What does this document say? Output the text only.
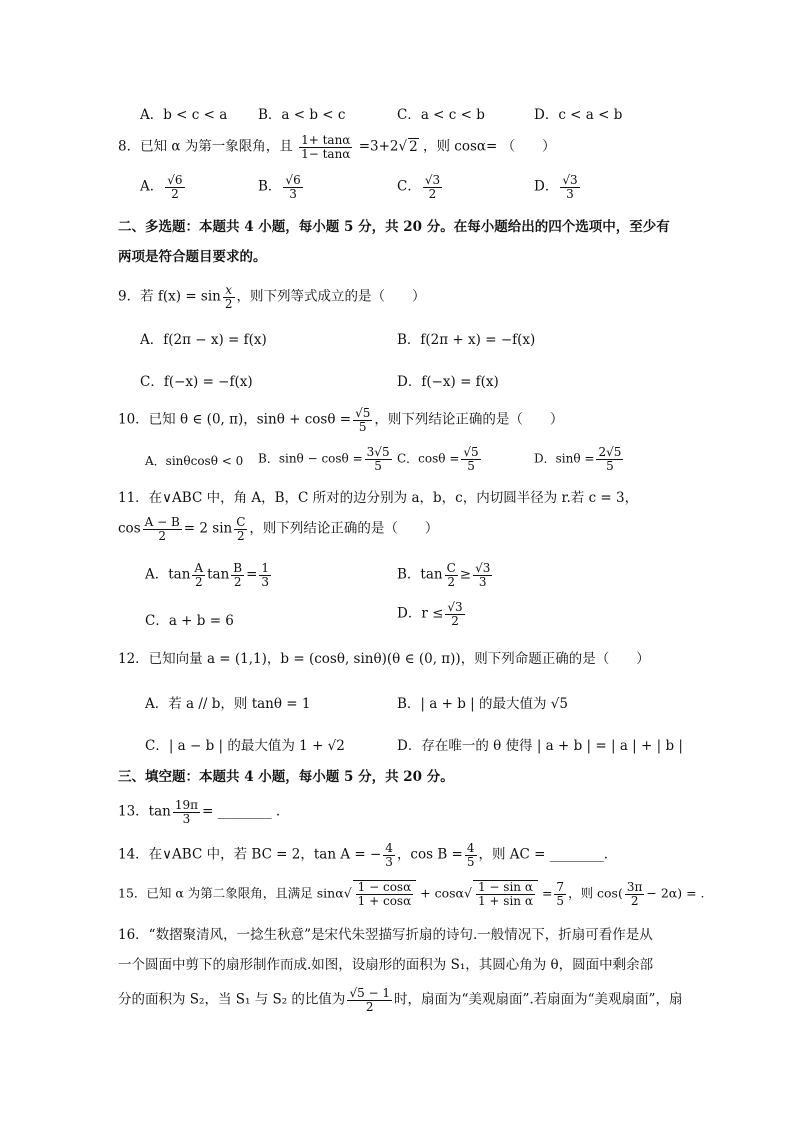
A．b < c < a B．a < b < c	C．a < c < b	D．c < a < b
8．已知 α 为第一象限角，且 $\frac{1+ \tan\alpha}{1- \tan\alpha} =3+2√$ 2 ，则 cosα= （　　）
A． $\frac{√6}{2}$	B． $\frac{√6}{3}$	C． $\frac{√3}{2}$	D． $\frac{√3}{3}$
二、多选题：本题共 4 小题，每小题 5 分，共 20 分。在每小题给出的四个选项中，至少有
两项是符合题目要求的。
9．若 $f(x) = \sin \frac{x}{2}$ ，则下列等式成立的是（　　）
A．f(2π − x) = f(x)	B．f(2π + x) = −f(x)
C．f(−x) = −f(x)	D．f(−x) = f(x)
10．已知 θ ∈ (0, π)，$\sin\theta + \cos\theta = \frac{√5}{5}$ ，则下列结论正确的是（　　）
A．sinθcosθ < 0 B．$\sin\theta - \cos\theta = \frac{3√5}{5}$ C．$\cos\theta = \frac{√5}{5}$	D．$\sin\theta = \frac{2√5}{5}$
11．在∨ABC 中，角 A，B，C 所对的边分别为 a，b，c，内切圆半径为 r.若 c = 3，
$\cos \frac{A - B}{2} = 2$ $\sin \frac{C}{2}$ ，则下列结论正确的是（　　）
A．$\tan \frac{A}{2}$ $\tan \frac{B}{2} = \frac{1}{3}$	B．$\tan \frac{C}{2} \ge \frac{√3}{3}$
C．a + b = 6	D．$r \le \frac{√3}{2}$
12．已知向量 a = (1,1)，b = (cosθ, sinθ)(θ ∈ (0, π))，则下列命题正确的是（　　）
A．若 a // b，则 tanθ = 1	B．| a + b | 的最大值为 √5
C．| a − b | 的最大值为 1 + √2	D．存在唯一的 θ 使得 | a + b | = | a | + | b |
三、填空题：本题共 4 小题，每小题 5 分，共 20 分。
13．$\tan \frac{19\pi}{3}$ = ________ .
14．在∨ABC 中，若 BC = 2，tan A = − $\frac{4}{3}$ ，$\cos B = \frac{4}{5}$ ，则 AC = ________.
15．已知 α 为第二象限角，且满足 $\sin\alpha√ \frac{1 - \cos\alpha}{1 + \cos\alpha} + \cos\alpha√ \frac{\text{1 − sin α}}{\text{1 + sin α}} = \frac{7}{5}$ ，则 $\cos( \frac{3\pi}{2} - 2\alpha)$ = .
16．“数摺聚清风，一捻生秋意”是宋代朱翌描写折扇的诗句.一般情况下，折扇可看作是从
一个圆面中剪下的扇形制作而成.如图，设扇形的面积为 S₁，其圆心角为 θ，圆面中剩余部
分的面积为 S₂，当 S₁ 与 S₂ 的比值为 $\frac{√5 - 1}{2}$ 时，扇面为“美观扇面”.若扇面为“美观扇面”，扇
